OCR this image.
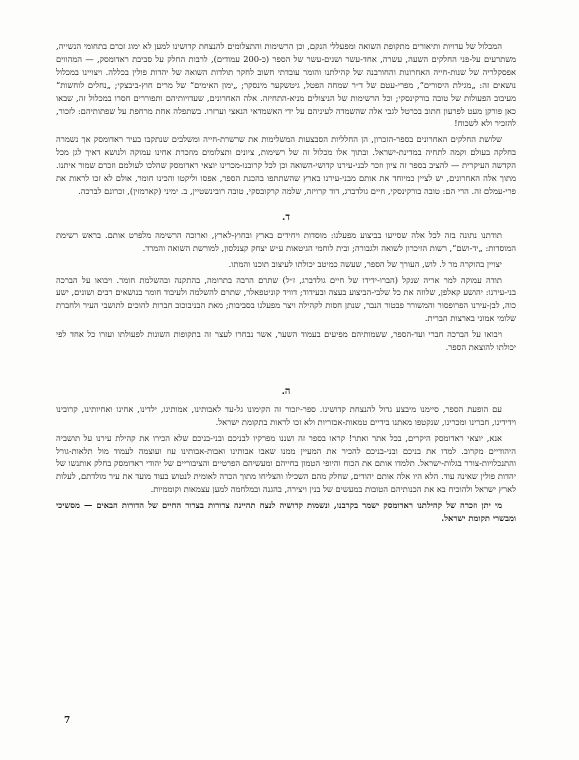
המכלול של עדויות ותיאורים מתקופת השואה ומפעללי הנקם, וכן הרשימות והתצלומים להנצחת קדושינו למען לא ימוג זכרם בתחומי הנשייה, משתרעים על-פני החלקים השעה, עשרה, אחד-עשר ושנים-עשר של הספר (כ-200 עמודים), לרבות החלק על סביבת ראדומסק, — המהווים אפסקלריה של שנות-חייה האחרונות והחורבנה של קהילתנו והומר עובדתי חשוב לחקר תולדות השואה של יהדות פולין בכללה. ויצויינו במכלול נושאים זה: „מגילת היסורים“, מפרי-עטם של ד״ר שמחה הפטל, גיטשקער מינסקר; „ימון האימים“ של מרים חוץ-ביבצקי; „נחלים לוחשות“ מעיבוב הפעולות של טובה בורקינסקי; וכל הרשימות של הניצולים מניא-התחיזה. אלה האחרונים, שעדויותיהם ותפוררים חסרו במכלול זה, שבאו כאן פורקן מעט לפרעון חתוב בכרטל לגבי אלה שהשמדה לעיניהם על ידי האשמדאי הנאצי וערזרו. בשתפלה אחת מרחפת על שפתותיהם: לזכור, להזכיר ולא לשכוח!

שלושת החלקים האחרונים בספר-הזכרון, הן החלליות הסבצעות המשלימות את שרשרת-חייה ומשלבים שנתקבו בעיר ראדומסק אך נשמרה בחלקה בעולם וקמה לתחיה במדינת-ישראל. ובתוך אלו מכלול זה של רשימות, ציונים ותצלומים מוזכרת אחינו עמוקה ולנושא דאיך לגן מכל הקדשה העיקרית — להציב בספר זה ציון וזכר לבני-עירנו קדושי-השואה וכן לכל קרובנו-מכרינו יוצאי ראדומסק שהלכו לעולמם וזכרם שמור איתנו. מתוך אלה האחרונים, יש לציין כמיוחד את אותם מבני-עירנו בארץ שהשתתפו בהכנת הספר, אפסו וליקטו והכינו חומר, אולם לא זכו לראות את פרי-עמלם זה. הרי הם: טובה בורקינסקי, חיים גולדברג, דוד קרויזה, שלמה קרקובסקי, טובה רובינשטיין, ב. ימיני (קארמזין), זכרונם לברכה.

ד.

תודתנו נתונה בזה לכל אלה שסייעו בביצוע מפעלנו: מוסדות ויחידים בארץ ובחוץ-לארץ, וארוכה הרשימה מלפרט אותם. בראש רשימת המוסדות: „יד-ושם“, רשות הזיכרון לשואה ולגבורה; ובית לוחמי הגיטאות ע״ש יצחק קצנלסון, למורשת השואה והמרד.

יצויין בהוקרה מר ל. לוש, העורך של הספר, שעשה כמיטב יכולתו לעיצוב תוכנו והמתו.

תודה עמוקה למר אריה שנקל (הברו-ידידו של חיים גולדברג, ז״ל) שתרם הרבה בתרומה, בהתקנה ובהשלמת חומר. ויבואו על הברכה בני-עירנו: יהושע קאלפן, שלוזה את כל שלבי-הביצוע בעצה ובעידוד; דוויד קוניטפאלר, שתרם להשלמה ולעיבוד חומר בנושאים רבים ושונים, ישע כוה, לבן-עירנו הפרופסור והמשורר פבטור הנבר, שנתן חסות לקהילה ויצר מפעלנו בסביבות; מאת הבניבוכוב חברות להוכים לתושבי העיר ולחברת שלומי אמוני בארצות הברית.

ויבואו על הברכה חברי ועד-הספר, ששמותיהם מפיעים בעמוד השער, אשר נבחרו לעצר זה בתקופות השונות לפעולתו ועזרו כל אחד לפי יכולתו להוצאת הספר.

ה.

עם הופעת הספר, סיימנו מיבצע גדול להנצחת קדושינו. ספר-יזכור זה הקימונו גל-עד לאבותינו, אמותינו, ילדינו, אחינו ואחיותינו, קרובינו וידידינו, חברינו ומכרינו, שנקטפו מאתנו בידיים טמאות-אכזריות ולא זכו לראות בתקומת ישראל.

אנא, יוצאי ראדומסק היקרים, בכל אתר ואתר! קראו בספר זה ושננו מפרקיו לבניכם ובני-בניכם שלא הכירו את קהילת עירנו על תושביה היהודיים מקרוב. למדו את בניכם ובני-בניכם להכיר את המעיין ממנו שאבו אבותינו ואבות-אבותינו עוז ועוצמה לעמוד מול תלאות-גורל והתנכלויות-צורר בגלות-ישראל. תלמדו אותם את הכוח והיופי הטמון בחייהם ומעשיהם הפרטיים והציבוריים של יהודי ראדומסק בחלק אותנשו של יהדות פולין שאינה עוד. הלא היו אלה אותם יהודים, שחלק מהם השכילו והצליחו מתוך הכרה לאומית לנטוש בעוד מועד את עיר מולדתם, לעלות לארץ ישראל ולהוכיח בא את הכנותיהם הטובות במעשים של בנין ויצירה, בהגנה ובמלחמה למען עצמאות וקוממיות.

מי יתן וזכרה של קהילתנו ראדומסק ישמר בקרבנו, ונשמות קדושיה לנצח תהיינה צרורות בצרור החיים של הדורות הבאים — מסשיכי ומבשרי תקומת ישראל.

7
